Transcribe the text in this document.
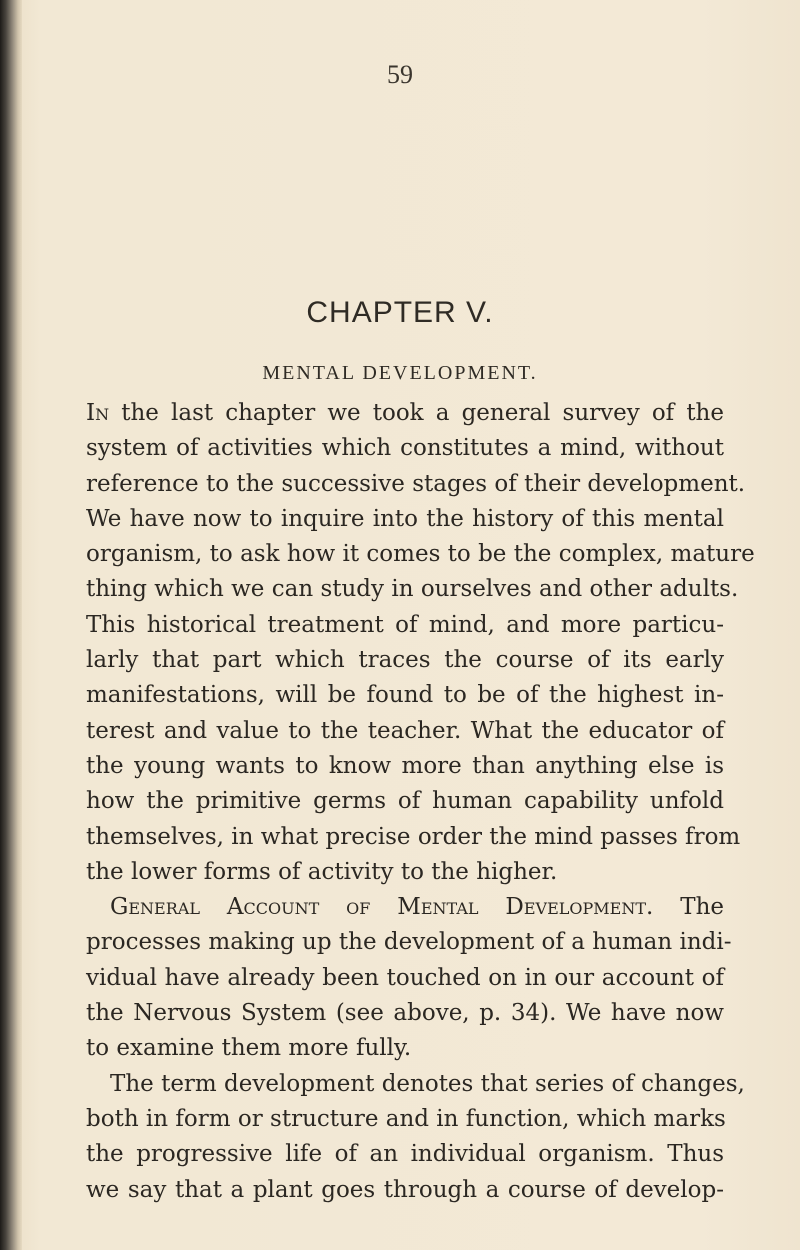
59
CHAPTER V.
MENTAL DEVELOPMENT.
In the last chapter we took a general survey of the
system of activities which constitutes a mind, without
reference to the successive stages of their development.
We have now to inquire into the history of this mental
organism, to ask how it comes to be the complex, mature
thing which we can study in ourselves and other adults.
This historical treatment of mind, and more particu-
larly that part which traces the course of its early
manifestations, will be found to be of the highest in-
terest and value to the teacher. What the educator of
the young wants to know more than anything else is
how the primitive germs of human capability unfold
themselves, in what precise order the mind passes from
the lower forms of activity to the higher.
General Account of Mental Development. The
processes making up the development of a human indi-
vidual have already been touched on in our account of
the Nervous System (see above, p. 34). We have now
to examine them more fully.
The term development denotes that series of changes,
both in form or structure and in function, which marks
the progressive life of an individual organism. Thus
we say that a plant goes through a course of develop-
